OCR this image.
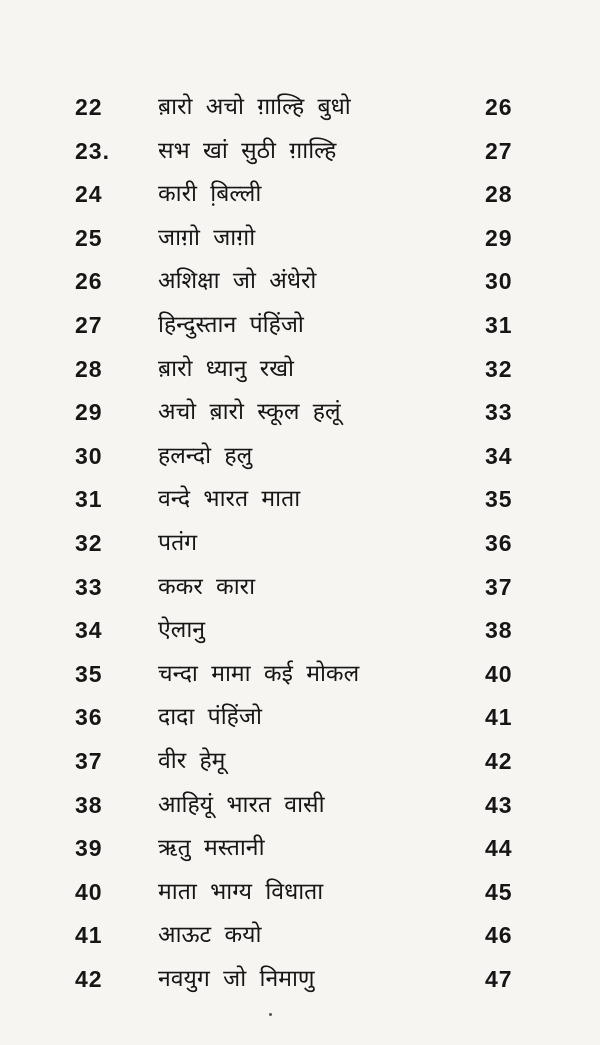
22	ब़ारो अचो ग़ाल्हि बुधो	26
23.	सभ खां सुठी ग़ाल्हि	27
24	कारी बि़ल्ली	28
25	जाग़ो जाग़ो	29
26	अशिक्षा जो अंधेरो	30
27	हिन्दुस्तान पंहिंजो	31
28	ब़ारो ध्यानु रखो	32
29	अचो ब़ारो स्कूल हलूं	33
30	हलन्दो हलु	34
31	वन्दे भारत माता	35
32	पतंग	36
33	ककर कारा	37
34	ऐलानु	38
35	चन्दा मामा कई मोकल	40
36	दादा पंहिंजो	41
37	वीर हेमू	42
38	आहियूं भारत वासी	43
39	ऋतु मस्तानी	44
40	माता भाग्य विधाता	45
41	आऊट कयो	46
42	नवयुग जो निमाणु	47
